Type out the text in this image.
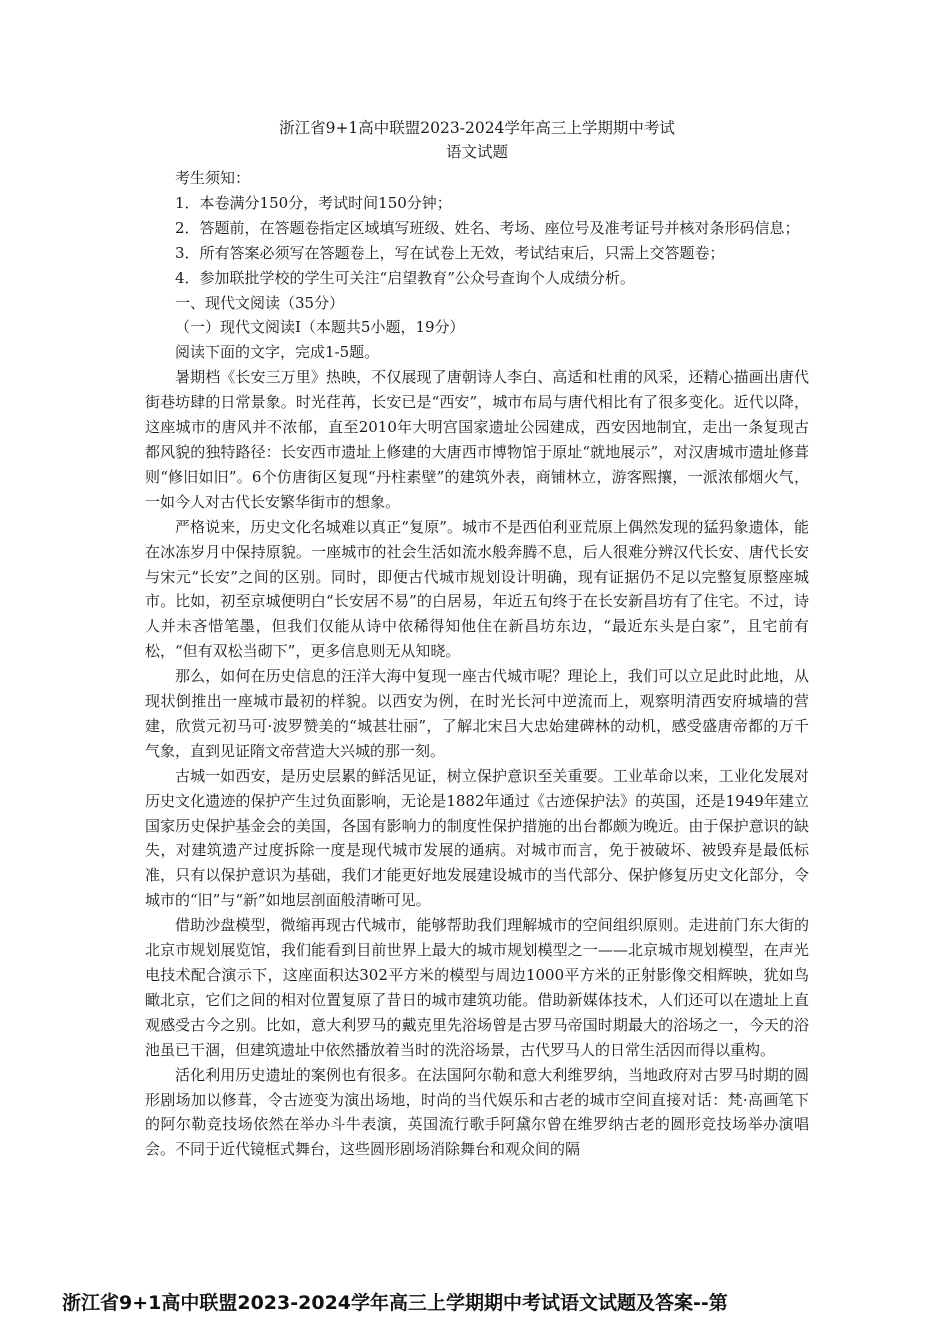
浙江省9+1高中联盟2023-2024学年高三上学期期中考试

语文试题

考生须知：

1．本卷满分150分，考试时间150分钟；

2．答题前，在答题卷指定区域填写班级、姓名、考场、座位号及准考证号并核对条形码信息；

3．所有答案必须写在答题卷上，写在试卷上无效，考试结束后，只需上交答题卷；

4．参加联批学校的学生可关注“启望教育”公众号查询个人成绩分析。

一、现代文阅读（35分）

（一）现代文阅读Ⅰ（本题共5小题，19分）

阅读下面的文字，完成1-5题。

暑期档《长安三万里》热映，不仅展现了唐朝诗人李白、高适和杜甫的风采，还精心描画出唐代街巷坊肆的日常景象。时光荏苒，长安已是“西安”，城市布局与唐代相比有了很多变化。近代以降，这座城市的唐风并不浓郁，直至2010年大明宫国家遗址公园建成，西安因地制宜，走出一条复现古都风貌的独特路径：长安西市遗址上修建的大唐西市博物馆于原址“就地展示”，对汉唐城市遗址修葺则“修旧如旧”。6个仿唐街区复现“丹柱素壁”的建筑外表，商铺林立，游客熙攘，一派浓郁烟火气，一如今人对古代长安繁华街市的想象。

严格说来，历史文化名城难以真正“复原”。城市不是西伯利亚荒原上偶然发现的猛犸象遗体，能在冰冻岁月中保持原貌。一座城市的社会生活如流水般奔腾不息，后人很难分辨汉代长安、唐代长安与宋元“长安”之间的区别。同时，即便古代城市规划设计明确，现有证据仍不足以完整复原整座城市。比如，初至京城便明白“长安居不易”的白居易，年近五旬终于在长安新昌坊有了住宅。不过，诗人并未吝惜笔墨，但我们仅能从诗中依稀得知他住在新昌坊东边，“最近东头是白家”，且宅前有松，“但有双松当砌下”，更多信息则无从知晓。

那么，如何在历史信息的汪洋大海中复现一座古代城市呢？理论上，我们可以立足此时此地，从现状倒推出一座城市最初的样貌。以西安为例，在时光长河中逆流而上，观察明清西安府城墙的营建，欣赏元初马可·波罗赞美的“城甚壮丽”，了解北宋吕大忠始建碑林的动机，感受盛唐帝都的万千气象，直到见证隋文帝营造大兴城的那一刻。

古城一如西安，是历史层累的鲜活见证，树立保护意识至关重要。工业革命以来，工业化发展对历史文化遗迹的保护产生过负面影响，无论是1882年通过《古迹保护法》的英国，还是1949年建立国家历史保护基金会的美国，各国有影响力的制度性保护措施的出台都颇为晚近。由于保护意识的缺失，对建筑遗产过度拆除一度是现代城市发展的通病。对城市而言，免于被破坏、被毁弃是最低标准，只有以保护意识为基础，我们才能更好地发展建设城市的当代部分、保护修复历史文化部分，令城市的“旧”与“新”如地层剖面般清晰可见。

借助沙盘模型，微缩再现古代城市，能够帮助我们理解城市的空间组织原则。走进前门东大街的北京市规划展览馆，我们能看到目前世界上最大的城市规划模型之一——北京城市规划模型，在声光电技术配合演示下，这座面积达302平方米的模型与周边1000平方米的正射影像交相辉映，犹如鸟瞰北京，它们之间的相对位置复原了昔日的城市建筑功能。借助新媒体技术，人们还可以在遗址上直观感受古今之别。比如，意大利罗马的戴克里先浴场曾是古罗马帝国时期最大的浴场之一，今天的浴池虽已干涸，但建筑遗址中依然播放着当时的洗浴场景，古代罗马人的日常生活因而得以重构。

活化利用历史遗址的案例也有很多。在法国阿尔勒和意大利维罗纳，当地政府对古罗马时期的圆形剧场加以修葺，令古迹变为演出场地，时尚的当代娱乐和古老的城市空间直接对话：梵·高画笔下的阿尔勒竞技场依然在举办斗牛表演，英国流行歌手阿黛尔曾在维罗纳古老的圆形竞技场举办演唱会。不同于近代镜框式舞台，这些圆形剧场消除舞台和观众间的隔

浙江省9+1高中联盟2023-2024学年高三上学期期中考试语文试题及答案--第
